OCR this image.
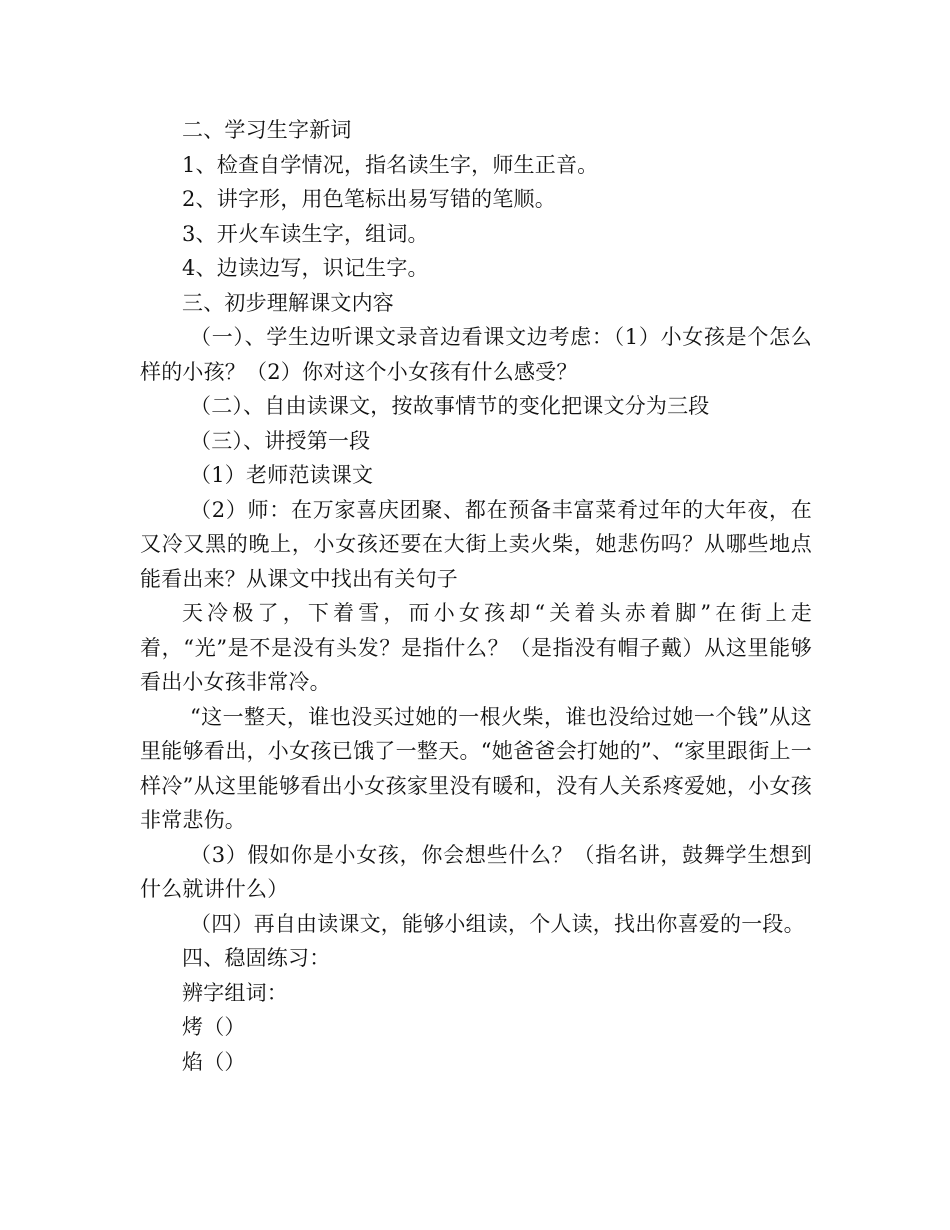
二、学习生字新词

1、检查自学情况，指名读生字，师生正音。

2、讲字形，用色笔标出易写错的笔顺。

3、开火车读生字，组词。

4、边读边写，识记生字。

三、初步理解课文内容

（一）、学生边听课文录音边看课文边考虑：（1）小女孩是个怎么样的小孩？（2）你对这个小女孩有什么感受？

（二）、自由读课文，按故事情节的变化把课文分为三段

（三）、讲授第一段

（1）老师范读课文

（2）师：在万家喜庆团聚、都在预备丰富菜肴过年的大年夜，在又冷又黑的晚上，小女孩还要在大街上卖火柴，她悲伤吗？从哪些地点能看出来？从课文中找出有关句子

天冷极了，下着雪，而小女孩却“关着头赤着脚”在街上走着，“光”是不是没有头发？是指什么？（是指没有帽子戴）从这里能够看出小女孩非常冷。

“这一整天，谁也没买过她的一根火柴，谁也没给过她一个钱”从这里能够看出，小女孩已饿了一整天。“她爸爸会打她的”、“家里跟街上一样冷”从这里能够看出小女孩家里没有暖和，没有人关系疼爱她，小女孩非常悲伤。

（3）假如你是小女孩，你会想些什么？（指名讲，鼓舞学生想到什么就讲什么）

（四）再自由读课文，能够小组读，个人读，找出你喜爱的一段。

四、稳固练习：

辨字组词：

烤（）

焰（）
